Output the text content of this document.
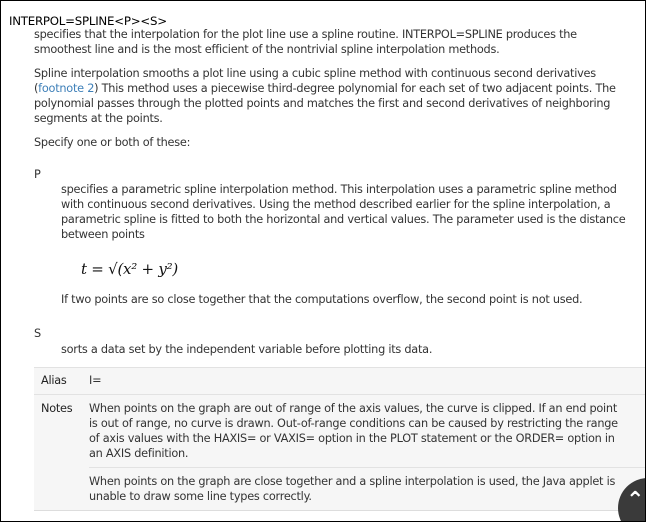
INTERPOL=SPLINE<P><S>

specifies that the interpolation for the plot line use a spline routine. INTERPOL=SPLINE produces the smoothest line and is the most efficient of the nontrivial spline interpolation methods.

Spline interpolation smooths a plot line using a cubic spline method with continuous second derivatives (footnote 2) This method uses a piecewise third-degree polynomial for each set of two adjacent points. The polynomial passes through the plotted points and matches the first and second derivatives of neighboring segments at the points.

Specify one or both of these:

P

specifies a parametric spline interpolation method. This interpolation uses a parametric spline method with continuous second derivatives. Using the method described earlier for the spline interpolation, a parametric spline is fitted to both the horizontal and vertical values. The parameter used is the distance between points

t = √(x² + y²)

If two points are so close together that the computations overflow, the second point is not used.

S

sorts a data set by the independent variable before plotting its data.

Alias	I=
Notes	When points on the graph are out of range of the axis values, the curve is clipped. If an end point is out of range, no curve is drawn. Out-of-range conditions can be caused by restricting the range of axis values with the HAXIS= or VAXIS= option in the PLOT statement or the ORDER= option in an AXIS definition.
When points on the graph are close together and a spline interpolation is used, the Java applet is unable to draw some line types correctly.	⌃
